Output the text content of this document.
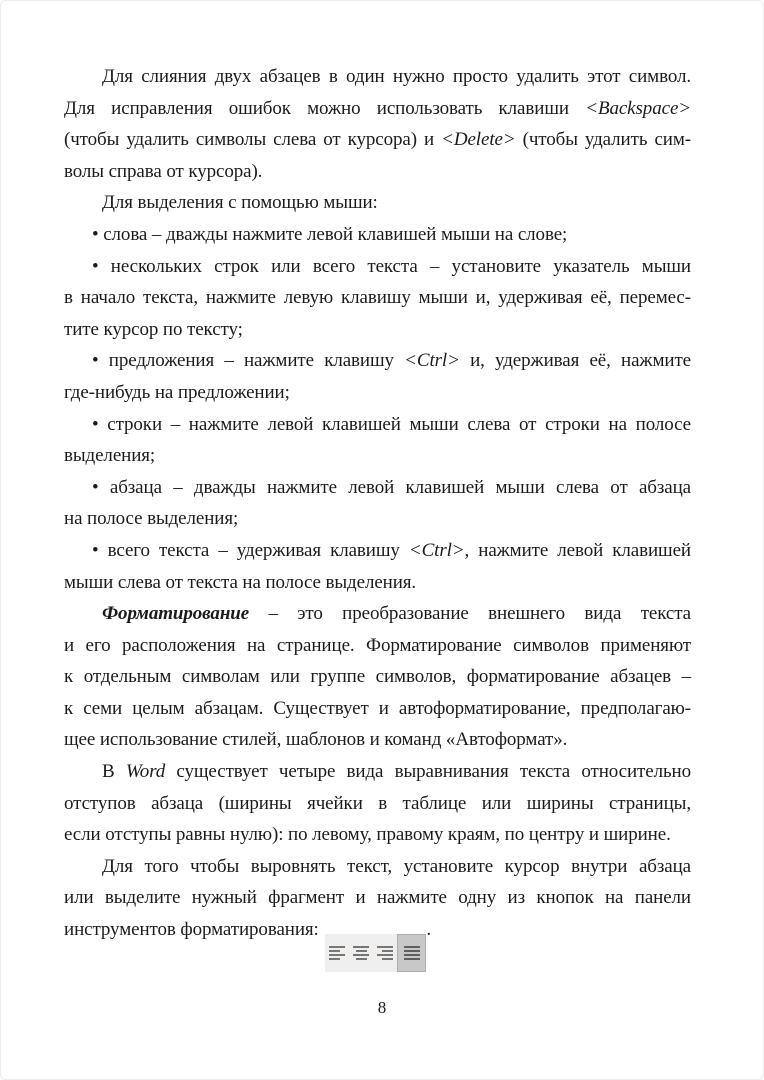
Для слияния двух абзацев в один нужно просто удалить этот символ.
Для исправления ошибок можно использовать клавиши <Backspace>
(чтобы удалить символы слева от курсора) и <Delete> (чтобы удалить сим-
волы справа от курсора).
Для выделения с помощью мыши:
• слова – дважды нажмите левой клавишей мыши на слове;
• нескольких строк или всего текста – установите указатель мыши
в начало текста, нажмите левую клавишу мыши и, удерживая её, перемес-
тите курсор по тексту;
• предложения – нажмите клавишу <Ctrl> и, удерживая её, нажмите
где-нибудь на предложении;
• строки – нажмите левой клавишей мыши слева от строки на полосе
выделения;
• абзаца – дважды нажмите левой клавишей мыши слева от абзаца
на полосе выделения;
• всего текста – удерживая клавишу <Ctrl>, нажмите левой клавишей
мыши слева от текста на полосе выделения.
Форматирование – это преобразование внешнего вида текста
и его расположения на странице. Форматирование символов применяют
к отдельным символам или группе символов, форматирование абзацев –
к семи целым абзацам. Существует и автоформатирование, предполагаю-
щее использование стилей, шаблонов и команд «Автоформат».
В Word существует четыре вида выравнивания текста относительно
отступов абзаца (ширины ячейки в таблице или ширины страницы,
если отступы равны нулю): по левому, правому краям, по центру и ширине.
Для того чтобы выровнять текст, установите курсор внутри абзаца
или выделите нужный фрагмент и нажмите одну из кнопок на панели
инструментов форматирования:	.
8
